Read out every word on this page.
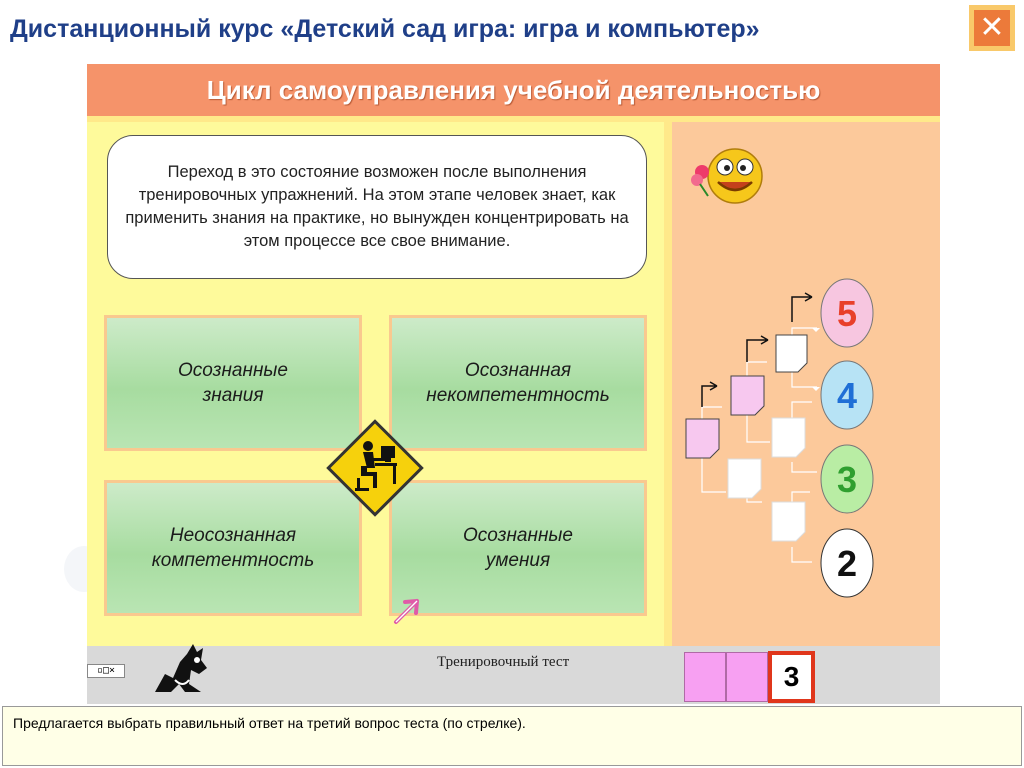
Дистанционный курс «Детский сад игра: игра и компьютер»	✕
Цикл самоуправления учебной деятельностью
Переход в это состояние возможен после выполнения тренировочных упражнений. На этом этапе человек знает, как применить знания на практике, но вынужден концентрировать на этом процессе все свое внимание.
Осознанные
знания
Осознанная
некомпетентность
Неосознанная
компетентность
Осознанные
умения
5
4
3
2
▫□×
Тренировочный тест	3
Предлагается выбрать правильный ответ на третий вопрос теста (по стрелке).
